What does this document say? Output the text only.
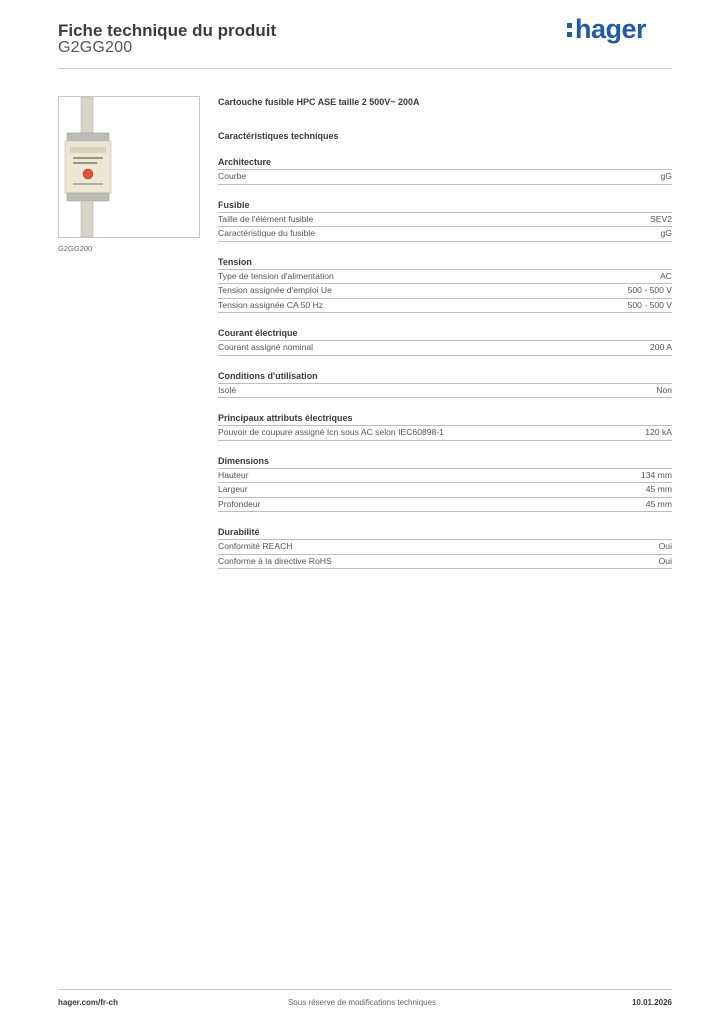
Fiche technique du produit
G2GG200
hager
G2GG200
Cartouche fusible HPC ASE taille 2 500V~ 200A
Caractéristiques techniques
Architecture
Courbe	gG
Fusible
Taille de l'élément fusible	SEV2
Caractéristique du fusible	gG
Tension
Type de tension d'alimentation	AC
Tension assignée d'emploi Ue	500 - 500 V
Tension assignée CA 50 Hz	500 - 500 V
Courant électrique
Courant assigné nominal	200 A
Conditions d'utilisation
Isolé	Non
Principaux attributs électriques
Pouvoir de coupure assigné Icn sous AC selon IEC60898-1	120 kA
Dimensions
Hauteur	134 mm
Largeur	45 mm
Profondeur	45 mm
Durabilité
Conformité REACH	Oui
Conforme à la directive RoHS	Oui
hager.com/fr-ch	Sous réserve de modifications techniques	10.01.2026
